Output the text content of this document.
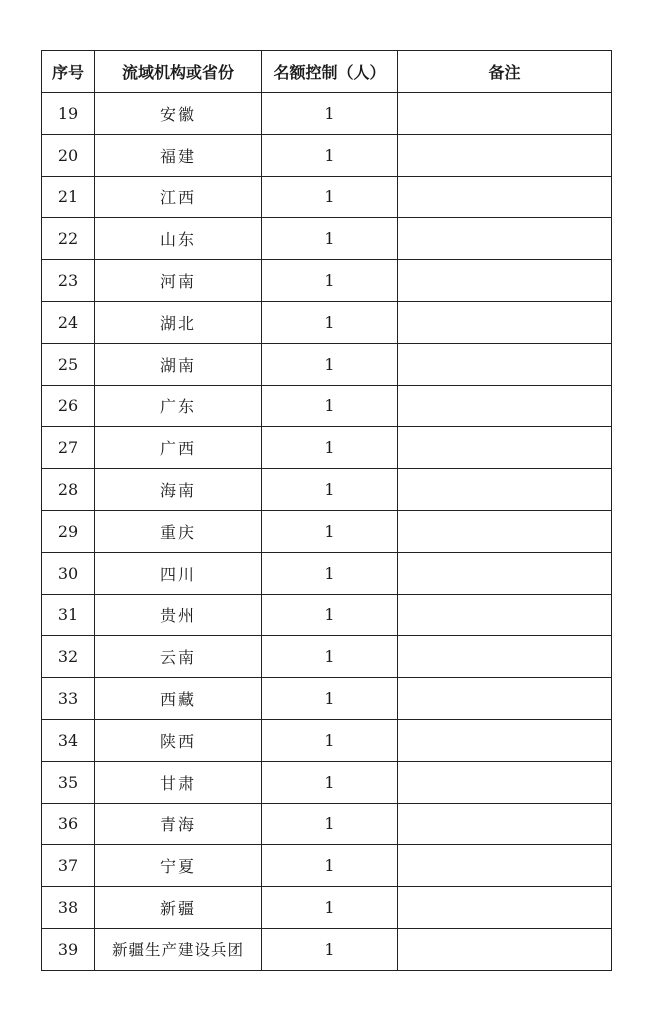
序号	流域机构或省份	名额控制（人）	备注
19	安徽	1	
20	福建	1	
21	江西	1	
22	山东	1	
23	河南	1	
24	湖北	1	
25	湖南	1	
26	广东	1	
27	广西	1	
28	海南	1	
29	重庆	1	
30	四川	1	
31	贵州	1	
32	云南	1	
33	西藏	1	
34	陕西	1	
35	甘肃	1	
36	青海	1	
37	宁夏	1	
38	新疆	1	
39	新疆生产建设兵团	1	
